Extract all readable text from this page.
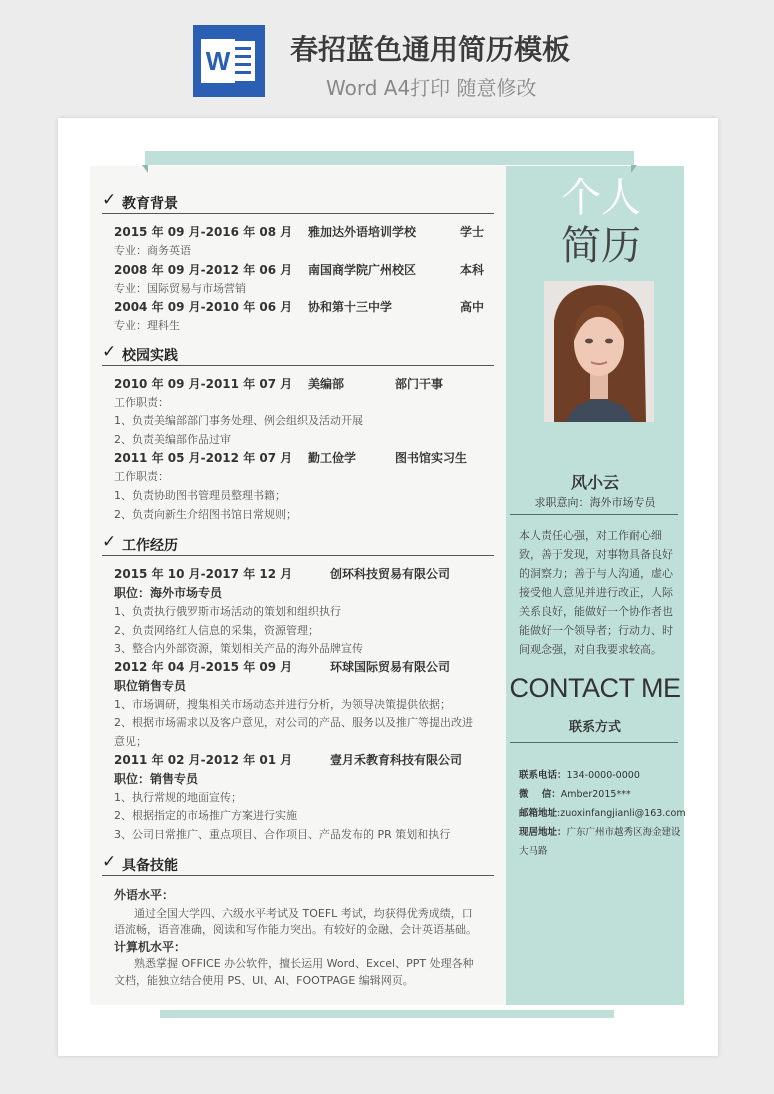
W 春招蓝色通用简历模板
Word A4打印 随意修改
✓ 教育背景
2015 年 09 月-2016 年 08 月 雅加达外语培训学校	学士
专业：商务英语
2008 年 09 月-2012 年 06 月 南国商学院广州校区	本科
专业：国际贸易与市场营销
2004 年 09 月-2010 年 06 月 协和第十三中学	高中
专业：理科生
✓ 校园实践
2010 年 09 月-2011 年 07 月 美编部	部门干事
工作职责：
1、负责美编部部门事务处理、例会组织及活动开展
2、负责美编部作品过审
2011 年 05 月-2012 年 07 月 勤工俭学	图书馆实习生
工作职责：
1、负责协助图书管理员整理书籍；
2、负责向新生介绍图书馆日常规则；
✓ 工作经历
2015 年 10 月-2017 年 12 月	创环科技贸易有限公司
职位：海外市场专员
1、负责执行俄罗斯市场活动的策划和组织执行
2、负责网络红人信息的采集，资源管理；
3、整合内外部资源，策划相关产品的海外品牌宣传
2012 年 04 月-2015 年 09 月	环球国际贸易有限公司
职位销售专员
1、市场调研，搜集相关市场动态并进行分析，为领导决策提供依据；
2、根据市场需求以及客户意见，对公司的产品、服务以及推广等提出改进
意见；
2011 年 02 月-2012 年 01 月	壹月禾教育科技有限公司
职位：销售专员
1、执行常规的地面宣传；
2、根据指定的市场推广方案进行实施
3、公司日常推广、重点项目、合作项目、产品发布的 PR 策划和执行
✓ 具备技能
外语水平：
通过全国大学四、六级水平考试及 TOEFL 考试，均获得优秀成绩，口
语流畅，语音准确，阅读和写作能力突出。有较好的金融、会计英语基础。
计算机水平：
熟悉掌握 OFFICE 办公软件，擅长运用 Word、Excel、PPT 处理各种
文档，能独立结合使用 PS、UI、AI、FOOTPAGE 编辑网页。
个人
简历
风小云
求职意向：海外市场专员
本人责任心强，对工作耐心细致，善于发现，对事物具备良好的洞察力；善于与人沟通，虚心接受他人意见并进行改正，人际关系良好，能做好一个协作者也能做好一个领导者；行动力、时间观念强，对自我要求较高。
CONTACT ME
联系方式
联系电话：134-0000-0000
微    信：Amber2015***
邮箱地址:zuoxinfangjianli@163.com
现居地址：广东广州市越秀区海金建设
大马路
